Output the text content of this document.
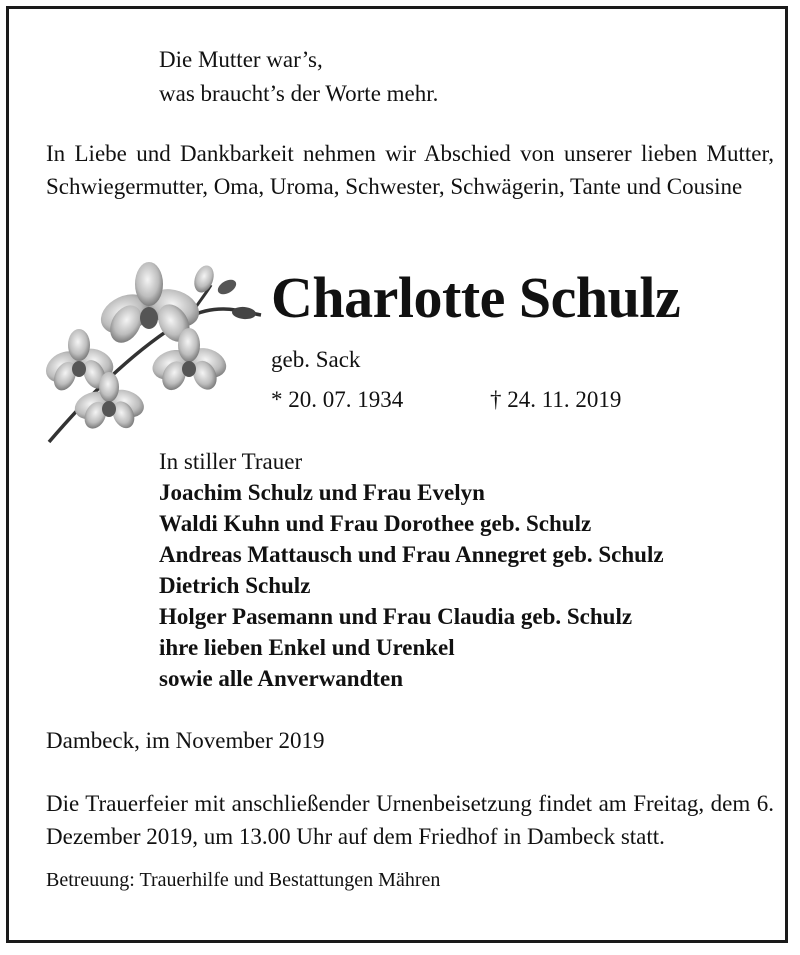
Die Mutter war’s,
was braucht’s der Worte mehr.

In Liebe und Dankbarkeit nehmen wir Abschied von unserer lieben Mutter, Schwiegermutter, Oma, Uroma, Schwester, Schwägerin, Tante und Cousine

Charlotte Schulz
geb. Sack
* 20. 07. 1934	† 24. 11. 2019
In stiller Trauer
Joachim Schulz und Frau Evelyn
Waldi Kuhn und Frau Dorothee geb. Schulz
Andreas Mattausch und Frau Annegret geb. Schulz
Dietrich Schulz
Holger Pasemann und Frau Claudia geb. Schulz
ihre lieben Enkel und Urenkel
sowie alle Anverwandten
Dambeck, im November 2019

Die Trauerfeier mit anschließender Urnenbeisetzung findet am Freitag, dem 6. Dezember 2019, um 13.00 Uhr auf dem Friedhof in Dambeck statt.

Betreuung: Trauerhilfe und Bestattungen Mähren
